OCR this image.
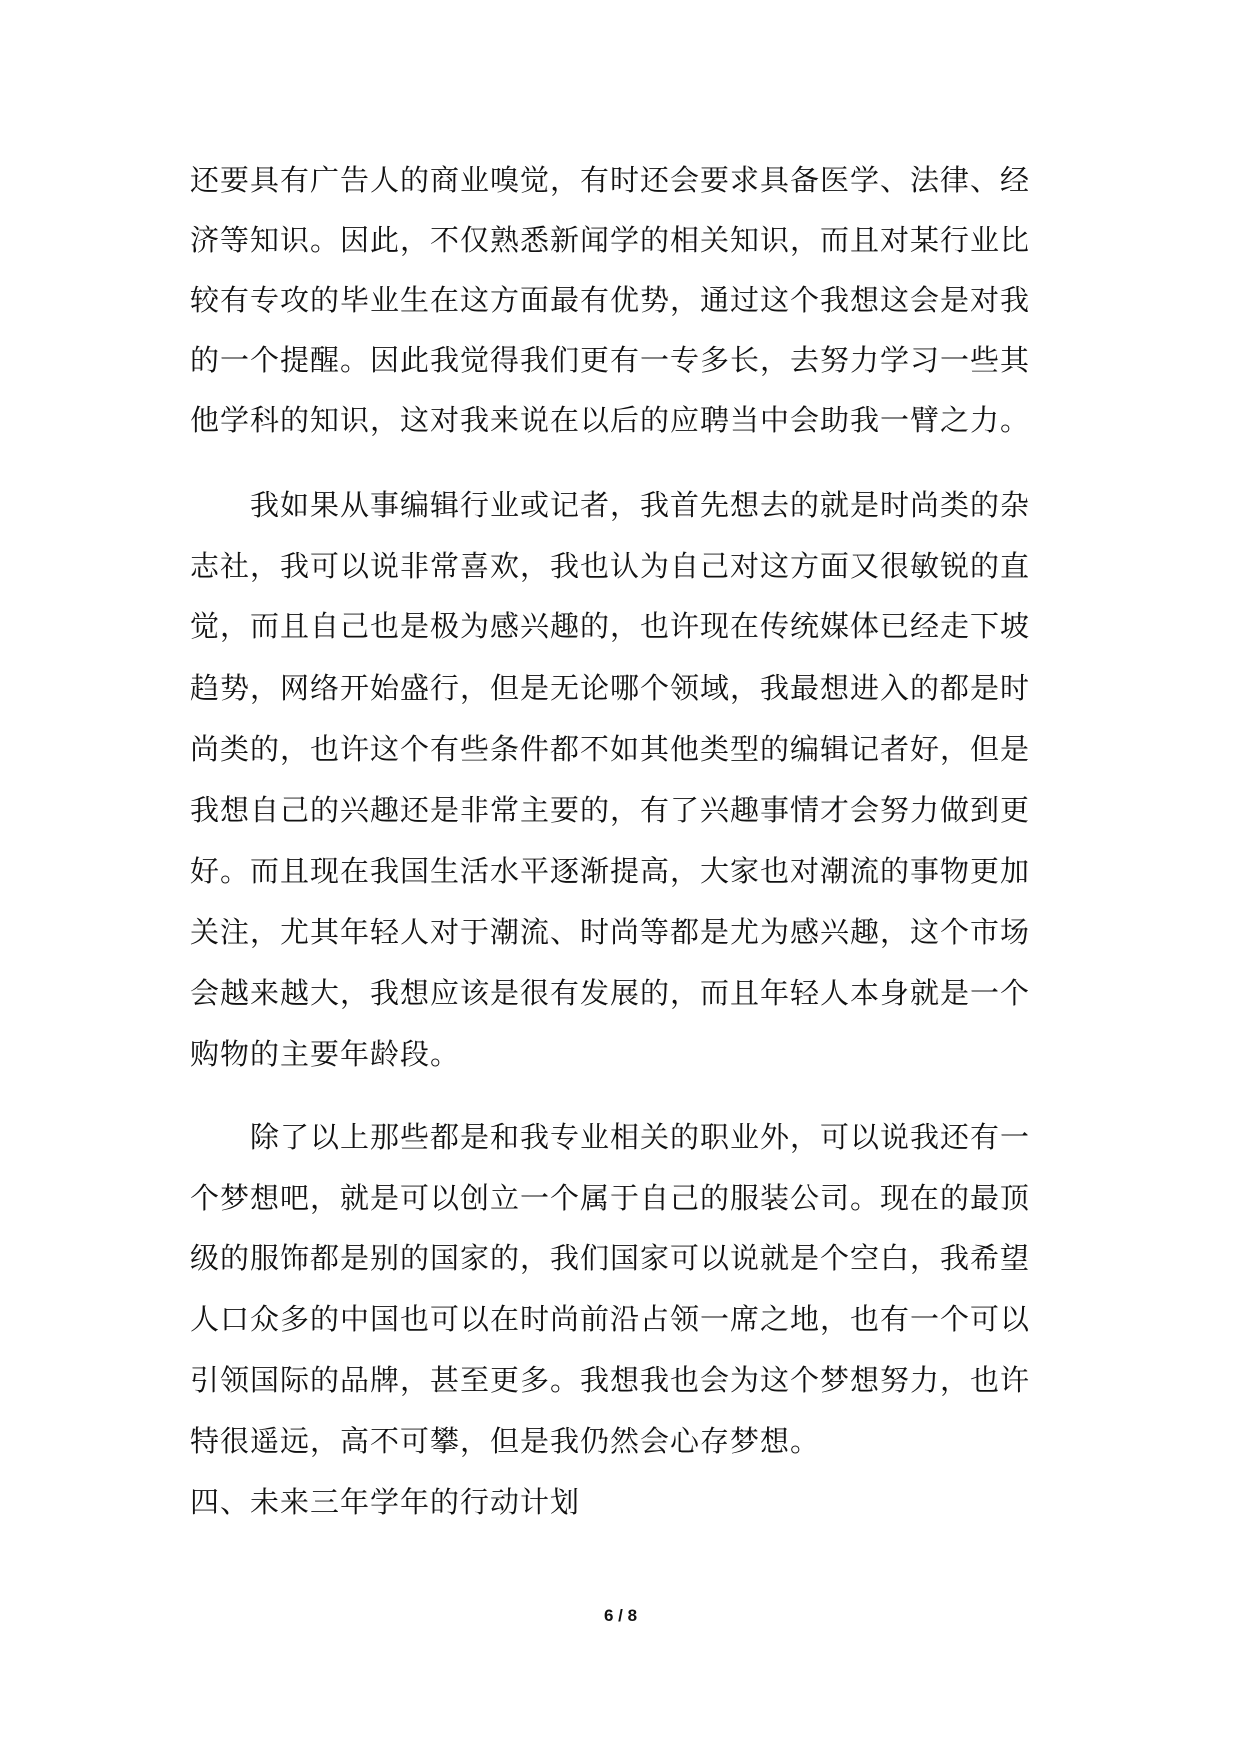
还要具有广告人的商业嗅觉，有时还会要求具备医学、法律、经
济等知识。因此，不仅熟悉新闻学的相关知识，而且对某行业比
较有专攻的毕业生在这方面最有优势，通过这个我想这会是对我
的一个提醒。因此我觉得我们更有一专多长，去努力学习一些其
他学科的知识，这对我来说在以后的应聘当中会助我一臂之力。
我如果从事编辑行业或记者，我首先想去的就是时尚类的杂
志社，我可以说非常喜欢，我也认为自己对这方面又很敏锐的直
觉，而且自己也是极为感兴趣的，也许现在传统媒体已经走下坡
趋势，网络开始盛行，但是无论哪个领域，我最想进入的都是时
尚类的，也许这个有些条件都不如其他类型的编辑记者好，但是
我想自己的兴趣还是非常主要的，有了兴趣事情才会努力做到更
好。而且现在我国生活水平逐渐提高，大家也对潮流的事物更加
关注，尤其年轻人对于潮流、时尚等都是尤为感兴趣，这个市场
会越来越大，我想应该是很有发展的，而且年轻人本身就是一个
购物的主要年龄段。
除了以上那些都是和我专业相关的职业外，可以说我还有一
个梦想吧，就是可以创立一个属于自己的服装公司。现在的最顶
级的服饰都是别的国家的，我们国家可以说就是个空白，我希望
人口众多的中国也可以在时尚前沿占领一席之地，也有一个可以
引领国际的品牌，甚至更多。我想我也会为这个梦想努力，也许
特很遥远，高不可攀，但是我仍然会心存梦想。
四、未来三年学年的行动计划
6 / 8
